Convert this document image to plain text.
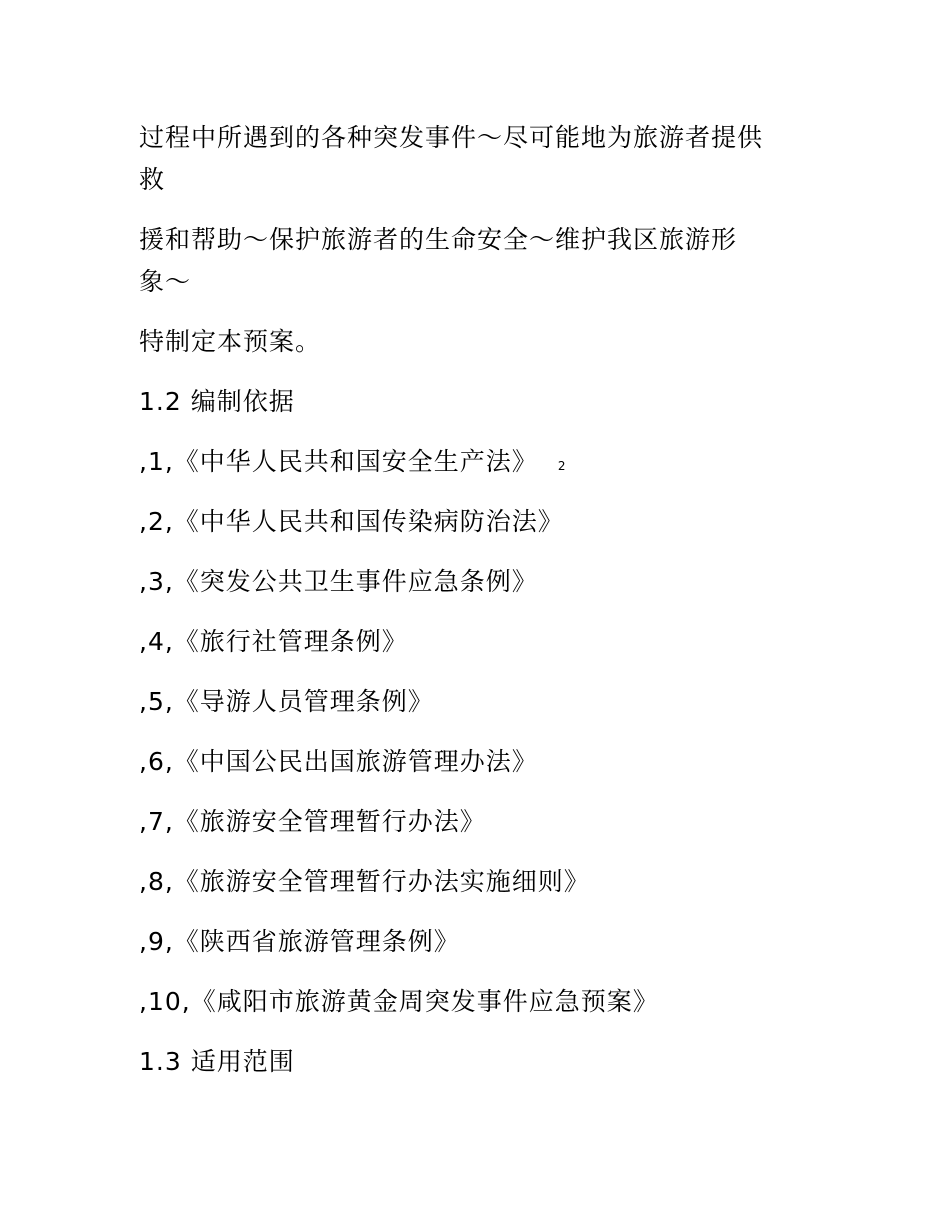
过程中所遇到的各种突发事件～尽可能地为旅游者提供
救
援和帮助～保护旅游者的生命安全～维护我区旅游形
象～
特制定本预案。
1.2 编制依据
,1,《中华人民共和国安全生产法》 2
,2,《中华人民共和国传染病防治法》
,3,《突发公共卫生事件应急条例》
,4,《旅行社管理条例》
,5,《导游人员管理条例》
,6,《中国公民出国旅游管理办法》
,7,《旅游安全管理暂行办法》
,8,《旅游安全管理暂行办法实施细则》
,9,《陕西省旅游管理条例》
,10,《咸阳市旅游黄金周突发事件应急预案》
1.3 适用范围
